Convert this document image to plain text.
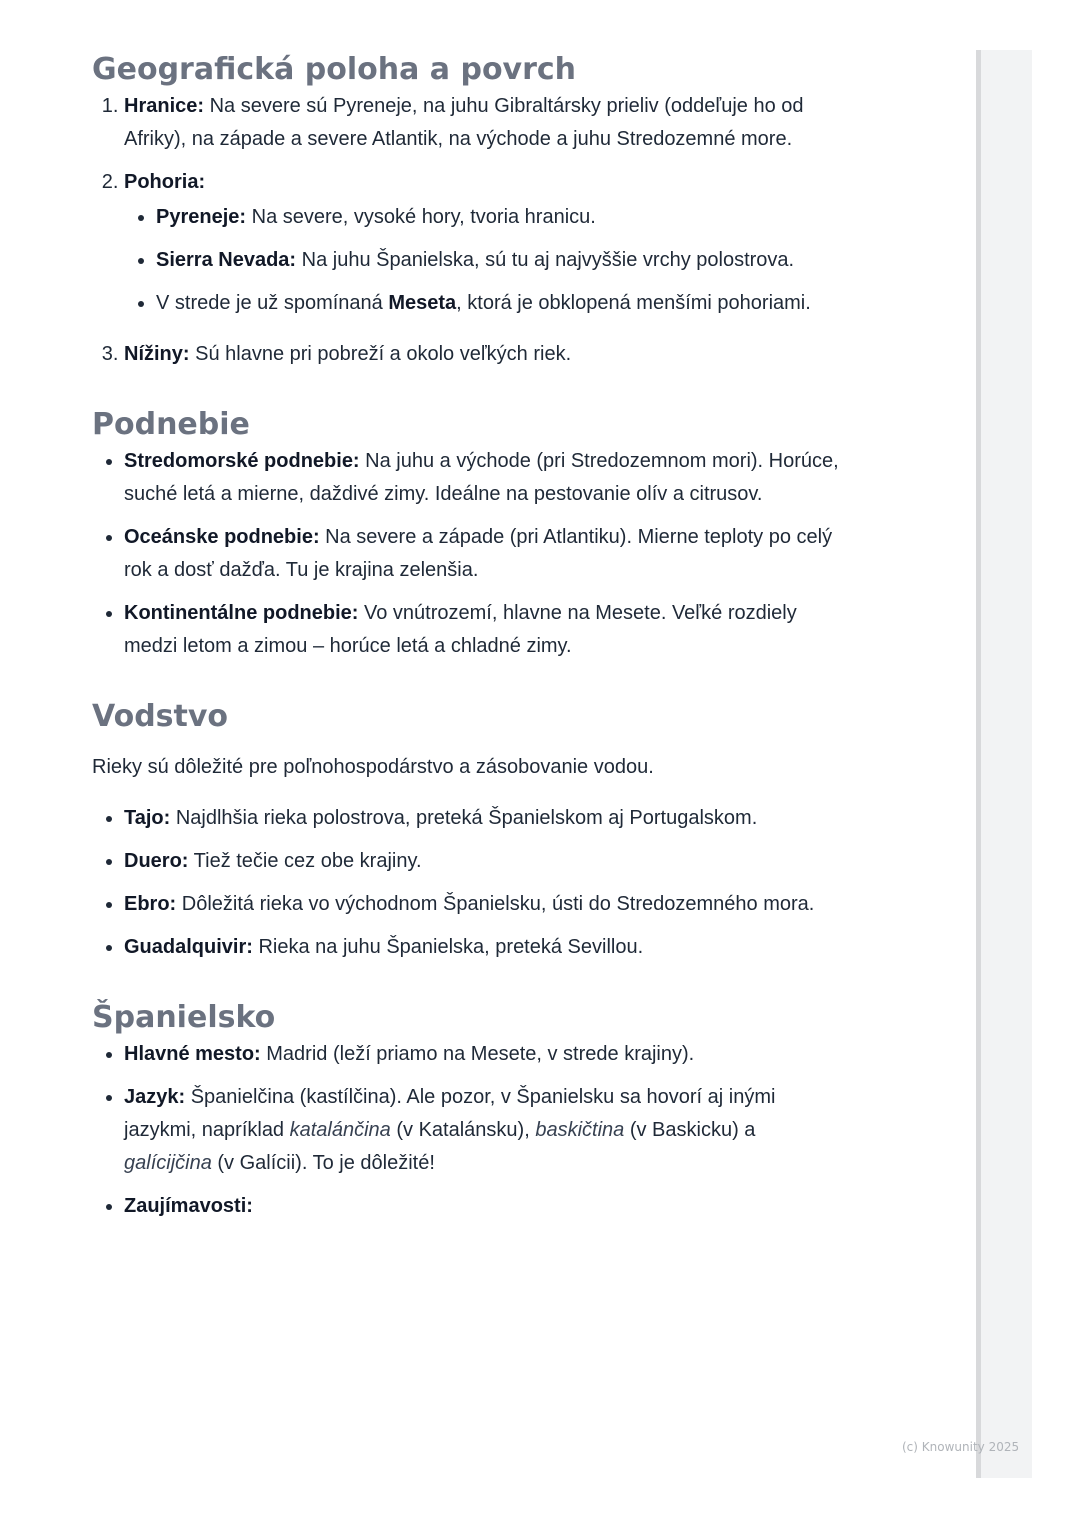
Geografická poloha a povrch
1. Hranice: Na severe sú Pyreneje, na juhu Gibraltársky prieliv (oddeľuje ho od Afriky), na západe a severe Atlantik, na východe a juhu Stredozemné more.
2. Pohoria:
• Pyreneje: Na severe, vysoké hory, tvoria hranicu.
• Sierra Nevada: Na juhu Španielska, sú tu aj najvyššie vrchy polostrova.
• V strede je už spomínaná Meseta, ktorá je obklopená menšími pohoriami.
3. Nížiny: Sú hlavne pri pobreží a okolo veľkých riek.
Podnebie
• Stredomorské podnebie: Na juhu a východe (pri Stredozemnom mori). Horúce, suché letá a mierne, daždivé zimy. Ideálne na pestovanie olív a citrusov.
• Oceánske podnebie: Na severe a západe (pri Atlantiku). Mierne teploty po celý rok a dosť dažďa. Tu je krajina zelenšia.
• Kontinentálne podnebie: Vo vnútrozemí, hlavne na Mesete. Veľké rozdiely medzi letom a zimou – horúce letá a chladné zimy.
Vodstvo

Rieky sú dôležité pre poľnohospodárstvo a zásobovanie vodou.

• Tajo: Najdlhšia rieka polostrova, preteká Španielskom aj Portugalskom.
• Duero: Tiež tečie cez obe krajiny.
• Ebro: Dôležitá rieka vo východnom Španielsku, ústi do Stredozemného mora.
• Guadalquivir: Rieka na juhu Španielska, preteká Sevillou.
Španielsko
• Hlavné mesto: Madrid (leží priamo na Mesete, v strede krajiny).
• Jazyk: Španielčina (kastílčina). Ale pozor, v Španielsku sa hovorí aj inými jazykmi, napríklad katalánčina (v Katalánsku), baskičtina (v Baskicku) a galícijčina (v Galícii). To je dôležité!
• Zaujímavosti:
(c) Knowunity 2025
